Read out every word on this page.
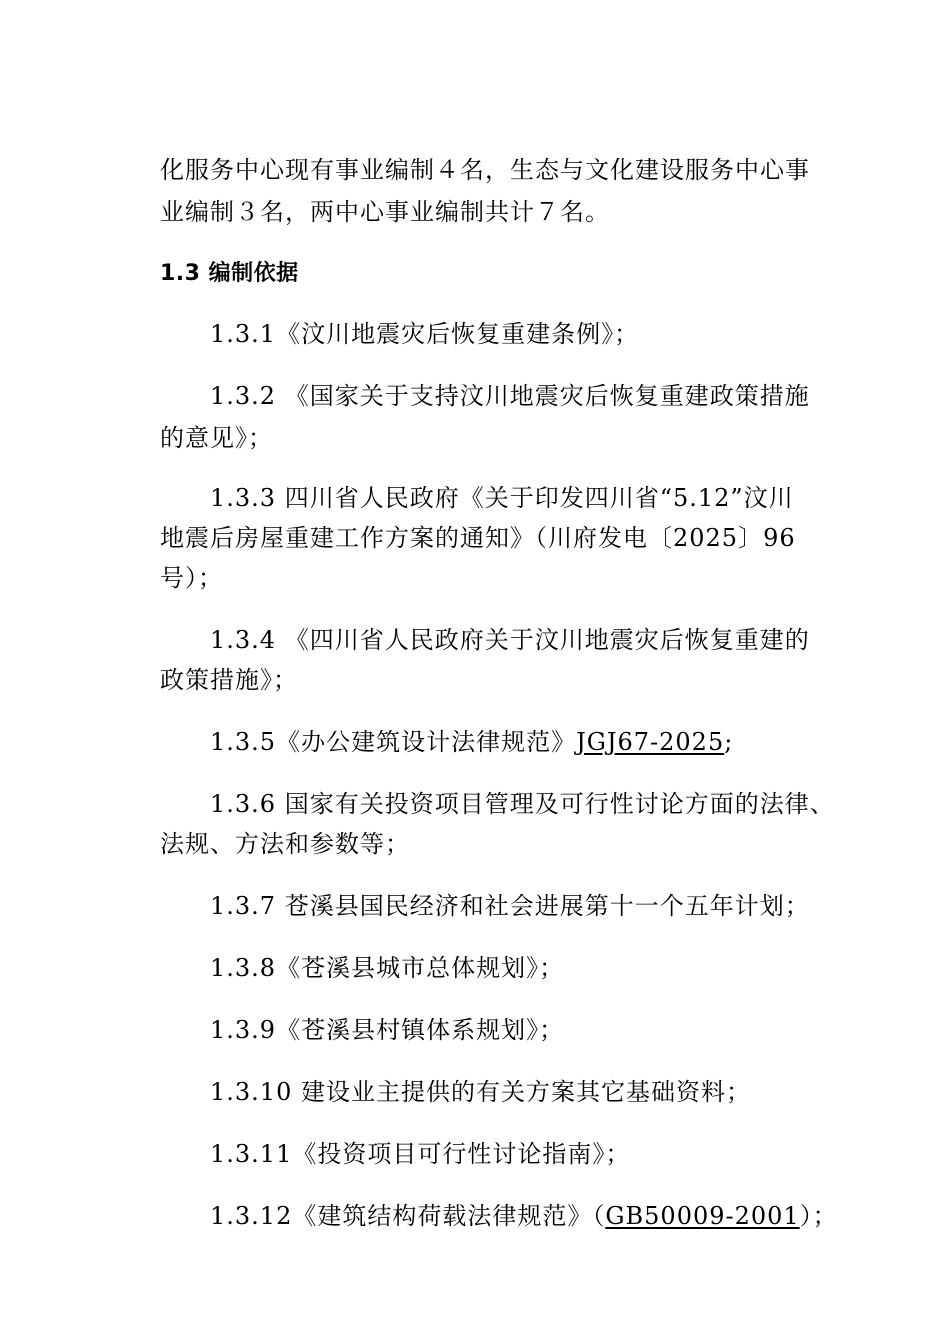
化服务中心现有事业编制４名，生态与文化建设服务中心事
业编制３名，两中心事业编制共计７名。
1.3 编制依据
1.3.1《汶川地震灾后恢复重建条例》；
1.3.2 《国家关于支持汶川地震灾后恢复重建政策措施
的意见》；
1.3.3 四川省人民政府《关于印发四川省“5.12”汶川
地震后房屋重建工作方案的通知》（川府发电〔2025〕96
号）；
1.3.4 《四川省人民政府关于汶川地震灾后恢复重建的
政策措施》；
1.3.5《办公建筑设计法律规范》JGJ67-2025;
1.3.6 国家有关投资项目管理及可行性讨论方面的法律、
法规、方法和参数等；
1.3.7 苍溪县国民经济和社会进展第十一个五年计划；
1.3.8《苍溪县城市总体规划》；
1.3.9《苍溪县村镇体系规划》；
1.3.10 建设业主提供的有关方案其它基础资料；
1.3.11《投资项目可行性讨论指南》；
1.3.12《建筑结构荷载法律规范》（GB50009-2001）；
